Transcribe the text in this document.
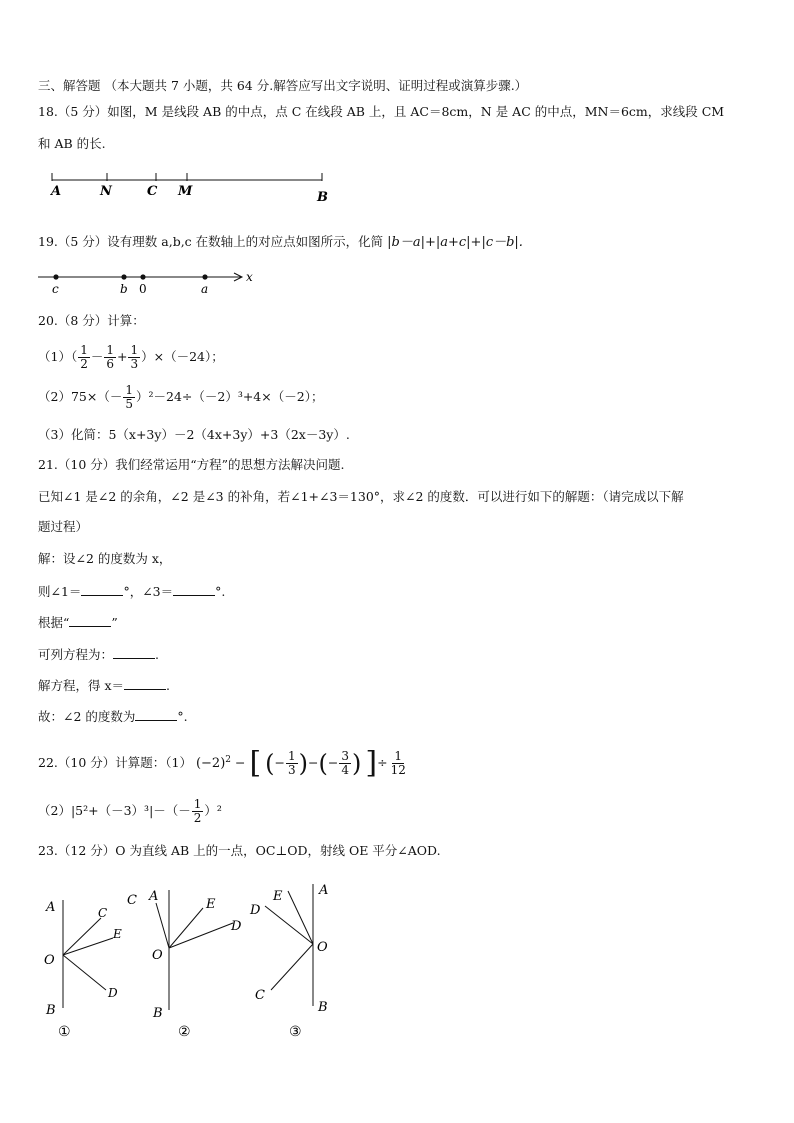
三、解答题 （本大题共 7 小题，共 64 分.解答应写出文字说明、证明过程或演算步骤.）
18.（5 分）如图，M 是线段 AB 的中点，点 C 在线段 AB 上，且 AC＝8cm，N 是 AC 的中点，MN＝6cm，求线段 CM
和 AB 的长.
A	N	C M	B
19.（5 分）设有理数 a,b,c 在数轴上的对应点如图所示，化简 |b－a|+|a+c|+|c－b|.
c	b 0	a
x
20.（8 分）计算：
$(1)( \frac{1}{2} - \frac{1}{6} + \frac{1}{3} )\times(-24)$；
$(2)75\times(- \frac{1}{5} )^2-24\div(-2)^3+4\times(-2)$；
（3）化简：5（x+3y）－2（4x+3y）+3（2x－3y）.
21.（10 分）我们经常运用“方程”的思想方法解决问题.
已知∠1 是∠2 的余角，∠2 是∠3 的补角，若∠1+∠3＝130°，求∠2 的度数．可以进行如下的解题：（请完成以下解
题过程）
解：设∠2 的度数为 x，
则∠1＝	°，∠3＝	°.
根据“	”
可列方程为：	.
解方程，得 x＝	.
故：∠2 的度数为	°.
22.（10 分）计算题：（1） $(-2)^2$ − [ (− $\frac{1}{3}$ )−(− $\frac{3}{4}$ ) ]÷ $\frac{1}{12}$
$(2)|5^2+(-3)^3|-(- \frac{1}{2} )^2$
23.（12 分）O 为直线 AB 上的一点，OC⊥OD，射线 OE 平分∠AOD.
A	C
E
O
D
B
①
C A
E
D
O
B
②
E	A
D
O
C
B
③
